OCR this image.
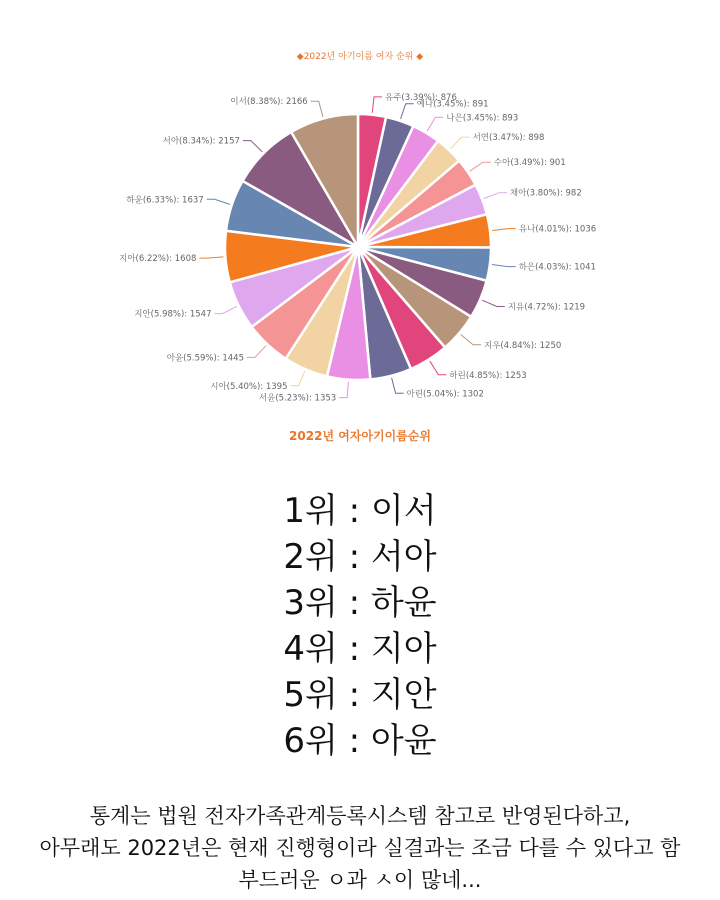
◆2022년 아기이름 여자 순위 ◆
유주(3.39%): 876
예나(3.45%): 891
나은(3.45%): 893
서연(3.47%): 898
수아(3.49%): 901
채아(3.80%): 982
유나(4.01%): 1036
하은(4.03%): 1041
지유(4.72%): 1219
지우(4.84%): 1250
하린(4.85%): 1253
아린(5.04%): 1302
서윤(5.23%): 1353
시아(5.40%): 1395
아윤(5.59%): 1445
지안(5.98%): 1547
지아(6.22%): 1608
하윤(6.33%): 1637
서아(8.34%): 2157
이서(8.38%): 2166
2022년 여자아기이름순위
1위 : 이서
2위 : 서아
3위 : 하윤
4위 : 지아
5위 : 지안
6위 : 아윤
통계는 법원 전자가족관계등록시스템 참고로 반영된다하고,
아무래도 2022년은 현재 진행형이라 실결과는 조금 다를 수 있다고 함
부드러운 ㅇ과 ㅅ이 많네...
